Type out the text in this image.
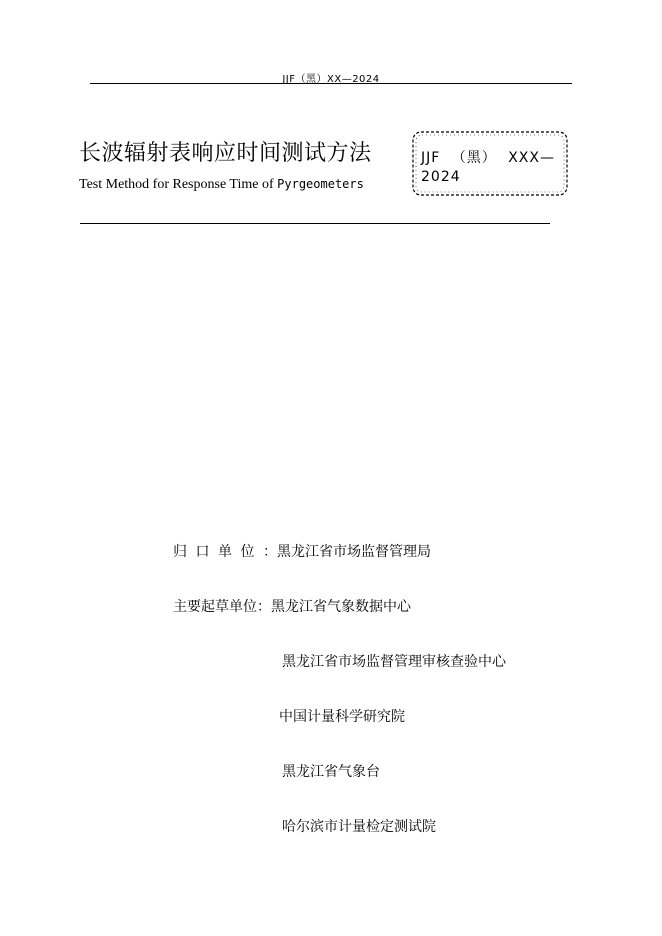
JJF（黑）XX—2024
长波辐射表响应时间测试方法
Test Method for Response Time of Pyrgeometers
JJF （黑） XXX—2024
归口单位：黑龙江省市场监督管理局
主要起草单位：黑龙江省气象数据中心
黑龙江省市场监督管理审核查验中心
中国计量科学研究院
黑龙江省气象台
哈尔滨市计量检定测试院
